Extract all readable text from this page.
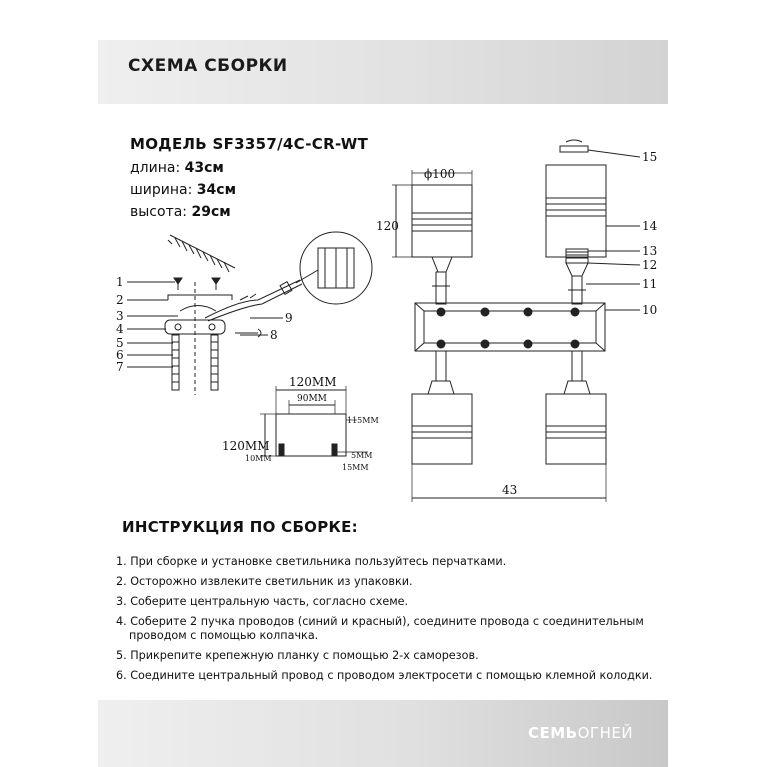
СХЕМА СБОРКИ
МОДЕЛЬ SF3357/4C-CR-WT
длина: 43см
ширина: 34см
высота: 29см
1
2
3
4
5
6
7
8
9
120MM
90MM
120MM
10MM
115MM
5MM
15MM
ϕ100
120
43
10
11
12
13
14
15
ИНСТРУКЦИЯ ПО СБОРКЕ:
1. При сборке и установке светильника пользуйтесь перчатками.
2. Осторожно извлеките светильник из упаковки.
3. Соберите центральную часть, согласно схеме.
4. Соберите 2 пучка проводов (синий и красный), соедините провода с соединительным
проводом с помощью колпачка.
5. Прикрепите крепежную планку с помощью 2-х саморезов.
6. Соедините центральный провод с проводом электросети с помощью клемной колодки.
СЕМЬОГНЕЙ
